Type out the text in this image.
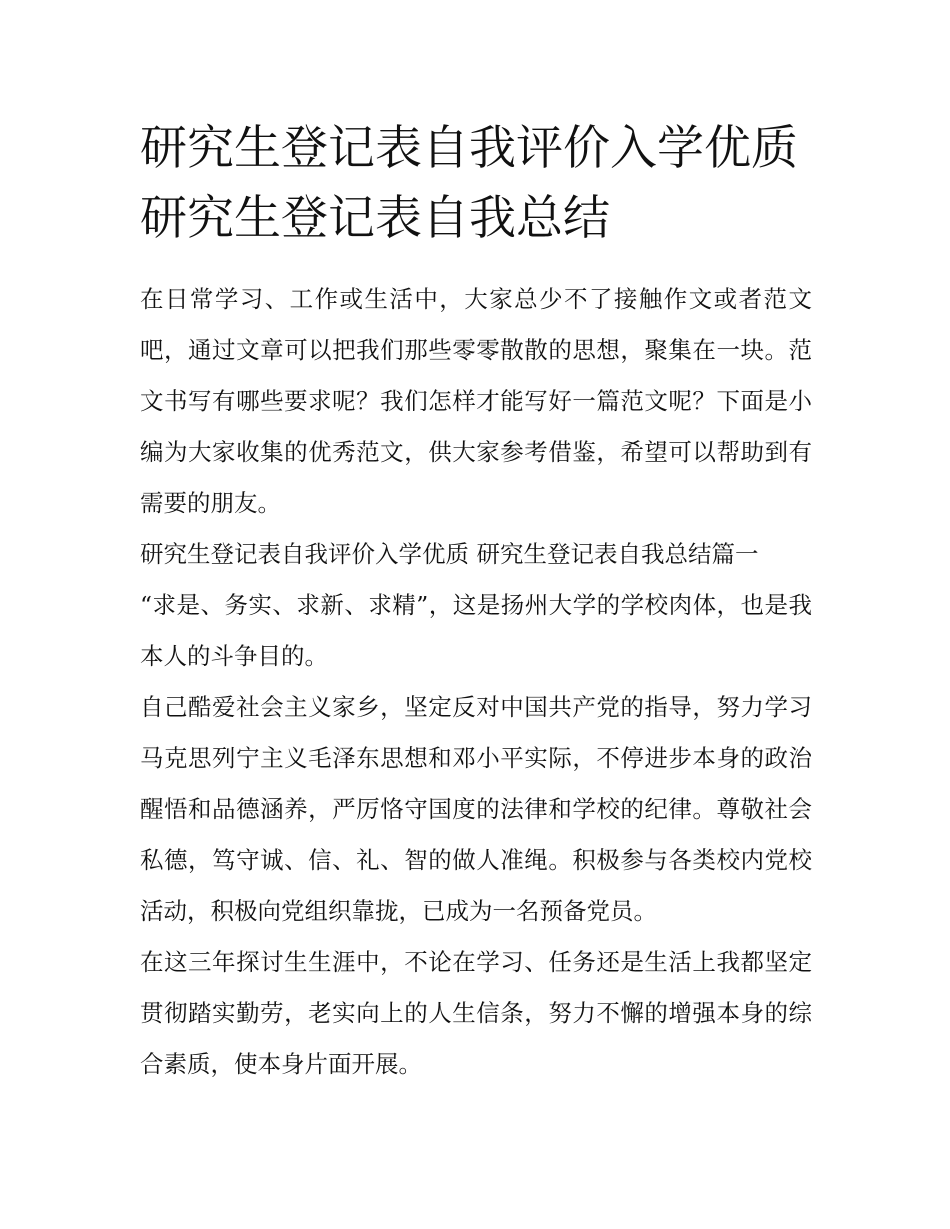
研究生登记表自我评价入学优质 研究生登记表自我总结

在日常学习、工作或生活中，大家总少不了接触作文或者范文吧，通过文章可以把我们那些零零散散的思想，聚集在一块。范文书写有哪些要求呢？我们怎样才能写好一篇范文呢？下面是小编为大家收集的优秀范文，供大家参考借鉴，希望可以帮助到有需要的朋友。

研究生登记表自我评价入学优质 研究生登记表自我总结篇一

“求是、务实、求新、求精”，这是扬州大学的学校肉体，也是我本人的斗争目的。

自己酷爱社会主义家乡，坚定反对中国共产党的指导，努力学习马克思列宁主义毛泽东思想和邓小平实际，不停进步本身的政治醒悟和品德涵养，严厉恪守国度的法律和学校的纪律。尊敬社会私德，笃守诚、信、礼、智的做人准绳。积极参与各类校内党校活动，积极向党组织靠拢，已成为一名预备党员。

在这三年探讨生生涯中，不论在学习、任务还是生活上我都坚定贯彻踏实勤劳，老实向上的人生信条，努力不懈的增强本身的综合素质，使本身片面开展。
